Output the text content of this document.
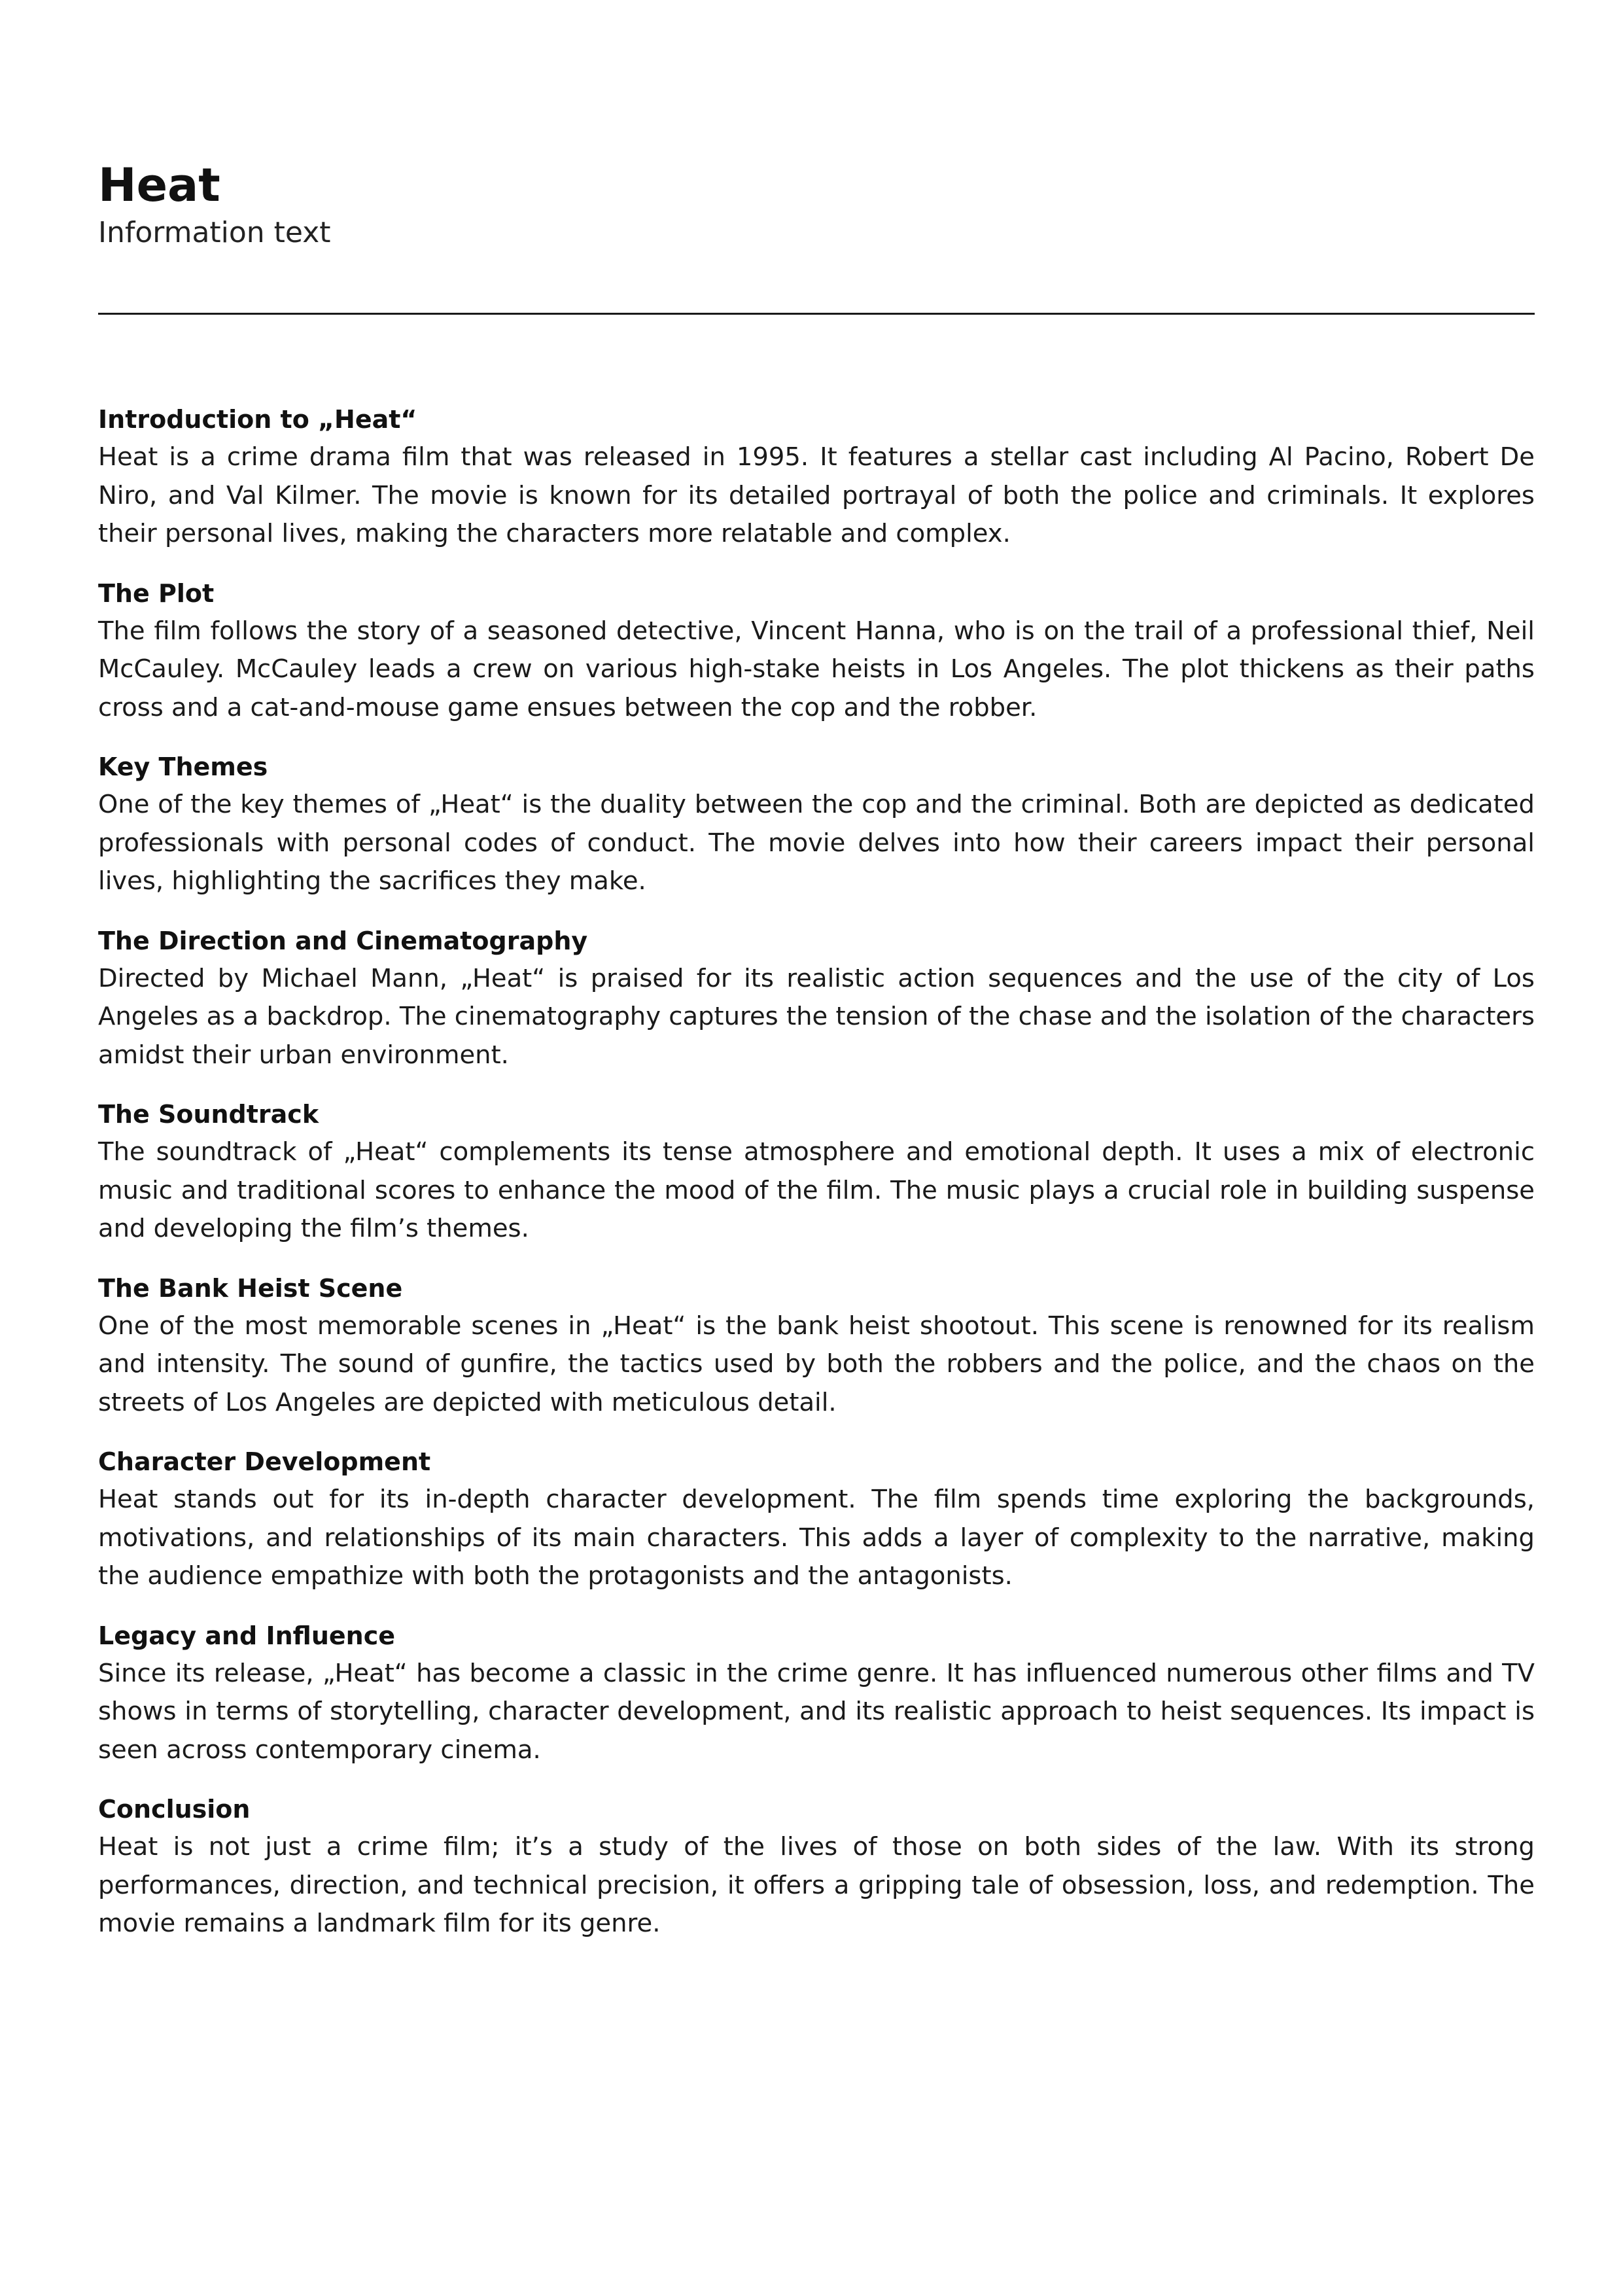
Heat

Information text

Introduction to „Heat“

Heat is a crime drama film that was released in 1995. It features a stellar cast including Al Pacino, Robert De Niro, and Val Kilmer. The movie is known for its detailed portrayal of both the police and criminals. It explores their personal lives, making the characters more relatable and complex.

The Plot

The film follows the story of a seasoned detective, Vincent Hanna, who is on the trail of a professional thief, Neil McCauley. McCauley leads a crew on various high-stake heists in Los Angeles. The plot thickens as their paths cross and a cat-and-mouse game ensues between the cop and the robber.

Key Themes

One of the key themes of „Heat“ is the duality between the cop and the criminal. Both are depicted as dedicated professionals with personal codes of conduct. The movie delves into how their careers impact their personal lives, highlighting the sacrifices they make.

The Direction and Cinematography

Directed by Michael Mann, „Heat“ is praised for its realistic action sequences and the use of the city of Los Angeles as a backdrop. The cinematography captures the tension of the chase and the isolation of the characters amidst their urban environment.

The Soundtrack

The soundtrack of „Heat“ complements its tense atmosphere and emotional depth. It uses a mix of electronic music and traditional scores to enhance the mood of the film. The music plays a crucial role in building suspense and developing the film’s themes.

The Bank Heist Scene

One of the most memorable scenes in „Heat“ is the bank heist shootout. This scene is renowned for its realism and intensity. The sound of gunfire, the tactics used by both the robbers and the police, and the chaos on the streets of Los Angeles are depicted with meticulous detail.

Character Development

Heat stands out for its in-depth character development. The film spends time exploring the backgrounds, motivations, and relationships of its main characters. This adds a layer of complexity to the narrative, making the audience empathize with both the protagonists and the antagonists.

Legacy and Influence

Since its release, „Heat“ has become a classic in the crime genre. It has influenced numerous other films and TV shows in terms of storytelling, character development, and its realistic approach to heist sequences. Its impact is seen across contemporary cinema.

Conclusion

Heat is not just a crime film; it’s a study of the lives of those on both sides of the law. With its strong performances, direction, and technical precision, it offers a gripping tale of obsession, loss, and redemption. The movie remains a landmark film for its genre.
